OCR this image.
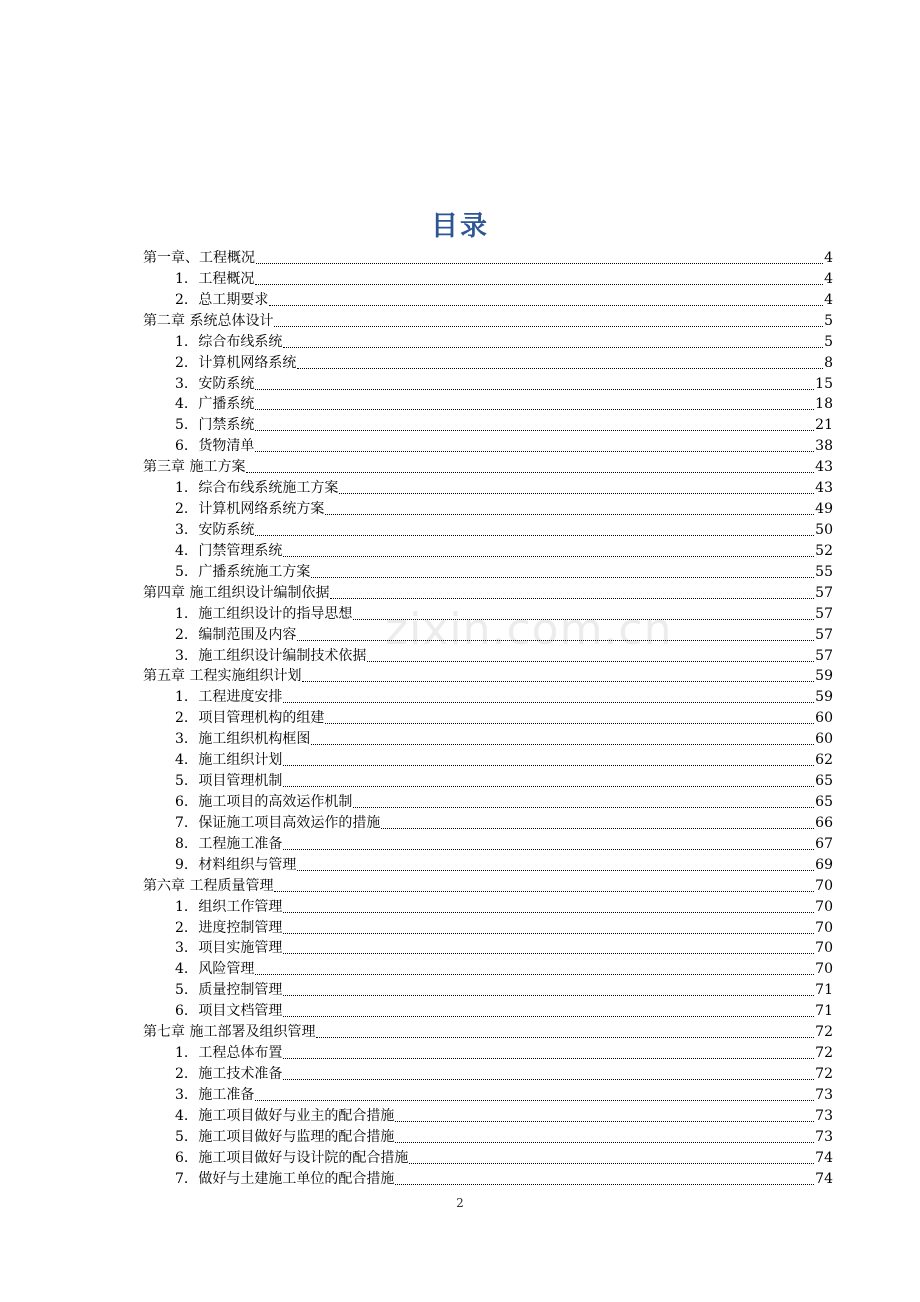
目录
zixin.com.cn
第一章、工程概况	4
1. 工程概况	4
2. 总工期要求	4
第二章 系统总体设计	5
1. 综合布线系统	5
2. 计算机网络系统	8
3. 安防系统	15
4. 广播系统	18
5. 门禁系统	21
6. 货物清单	38
第三章 施工方案	43
1. 综合布线系统施工方案	43
2. 计算机网络系统方案	49
3. 安防系统	50
4. 门禁管理系统	52
5. 广播系统施工方案	55
第四章 施工组织设计编制依据	57
1. 施工组织设计的指导思想	57
2. 编制范围及内容	57
3. 施工组织设计编制技术依据	57
第五章 工程实施组织计划	59
1. 工程进度安排	59
2. 项目管理机构的组建	60
3. 施工组织机构框图	60
4. 施工组织计划	62
5. 项目管理机制	65
6. 施工项目的高效运作机制	65
7. 保证施工项目高效运作的措施	66
8. 工程施工准备	67
9. 材料组织与管理	69
第六章 工程质量管理	70
1. 组织工作管理	70
2. 进度控制管理	70
3. 项目实施管理	70
4. 风险管理	70
5. 质量控制管理	71
6. 项目文档管理	71
第七章 施工部署及组织管理	72
1. 工程总体布置	72
2. 施工技术准备	72
3. 施工准备	73
4. 施工项目做好与业主的配合措施	73
5. 施工项目做好与监理的配合措施	73
6. 施工项目做好与设计院的配合措施	74
7. 做好与土建施工单位的配合措施	74
2
